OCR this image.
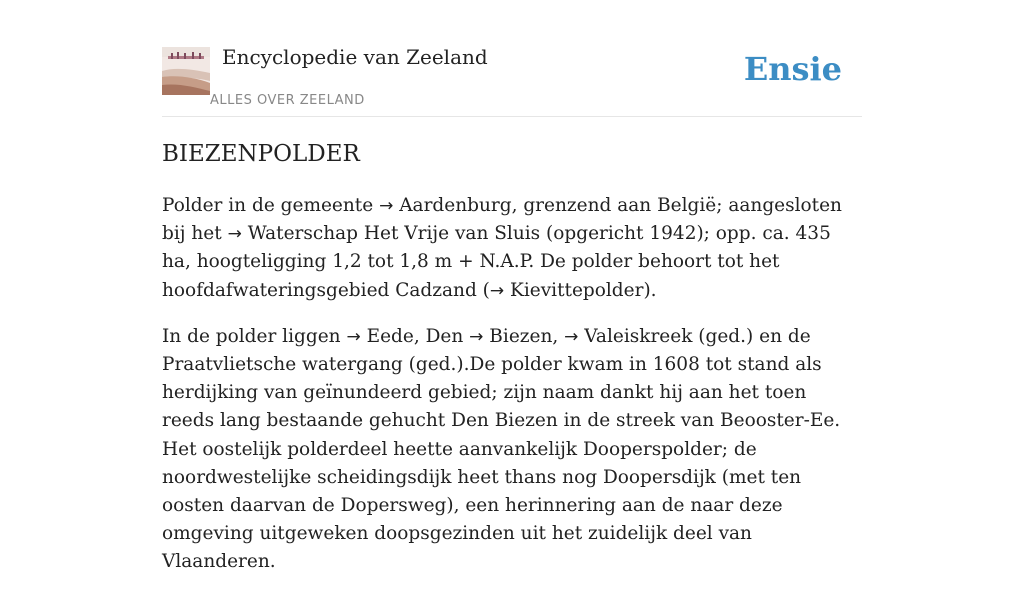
Encyclopedie van Zeeland
ALLES OVER ZEELAND
Ensie
BIEZENPOLDER

Polder in de gemeente → Aardenburg, grenzend aan België; aangesloten bij het → Waterschap Het Vrije van Sluis (opgericht 1942); opp. ca. 435 ha, hoogteligging 1,2 tot 1,8 m + N.A.P. De polder behoort tot het hoofdafwateringsgebied Cadzand (→ Kievittepolder).

In de polder liggen → Eede, Den → Biezen, → Valeiskreek (ged.) en de Praatvlietsche watergang (ged.).De polder kwam in 1608 tot stand als herdijking van geïnundeerd gebied; zijn naam dankt hij aan het toen reeds lang bestaande gehucht Den Biezen in de streek van Beooster-Ee. Het oostelijk polderdeel heette aanvankelijk Dooperspolder; de noordwestelijke scheidingsdijk heet thans nog Doopersdijk (met ten oosten daarvan de Dopersweg), een herinnering aan de naar deze omgeving uitgeweken doopsgezinden uit het zuidelijk deel van Vlaanderen.
